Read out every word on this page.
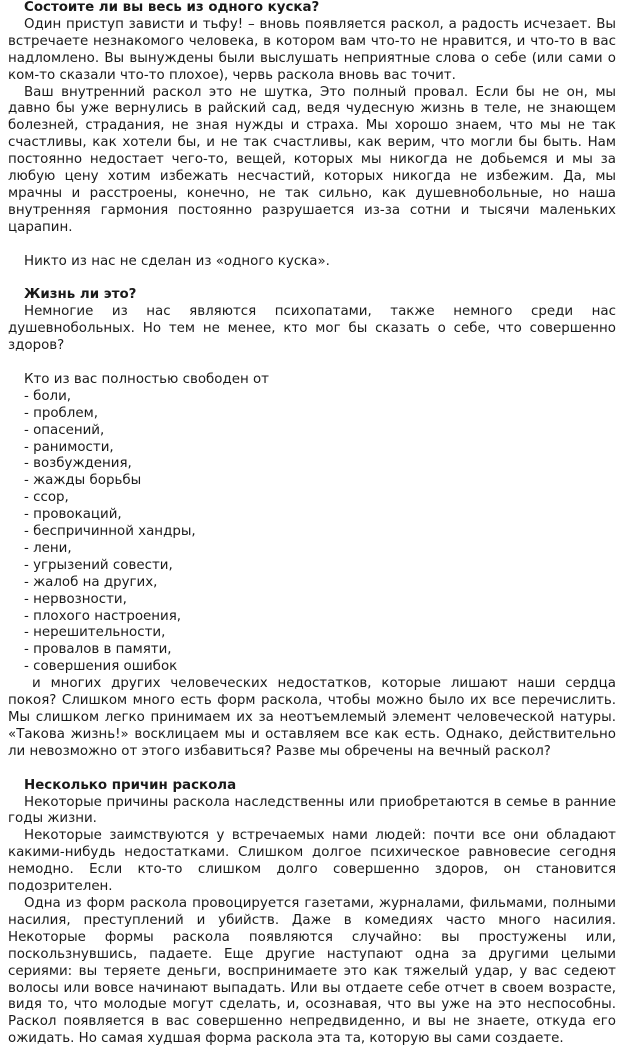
Состоите ли вы весь из одного куска?

Один приступ зависти и тьфу! – вновь появляется раскол, а радость исчезает. Вы встречаете незнакомого человека, в котором вам что-то не нравится, и что-то в вас надломлено. Вы вынуждены были выслушать неприятные слова о себе (или сами о ком-то сказали что-то плохое), червь раскола вновь вас точит.

Ваш внутренний раскол это не шутка, Это полный провал. Если бы не он, мы давно бы уже вернулись в райский сад, ведя чудесную жизнь в теле, не знающем болезней, страдания, не зная нужды и страха. Мы хорошо знаем, что мы не так счастливы, как хотели бы, и не так счастливы, как верим, что могли бы быть. Нам постоянно недостает чего-то, вещей, которых мы никогда не добьемся и мы за любую цену хотим избежать несчастий, которых никогда не избежим. Да, мы мрачны и расстроены, конечно, не так сильно, как душевнобольные, но наша внутренняя гармония постоянно разрушается из-за сотни и тысячи маленьких царапин.

Никто из нас не сделан из «одного куска».

Жизнь ли это?

Немногие из нас являются психопатами, также немного среди нас душевнобольных. Но тем не менее, кто мог бы сказать о себе, что совершенно здоров?

Кто из вас полностью свободен от
- боли,
- проблем,
- опасений,
- ранимости,
- возбуждения,
- жажды борьбы
- ссор,
- провокаций,
- беспричинной хандры,
- лени,
- угрызений совести,
- жалоб на других,
- нервозности,
- плохого настроения,
- нерешительности,
- провалов в памяти,
- совершения ошибок

и многих других человеческих недостатков, которые лишают наши сердца покоя? Слишком много есть форм раскола, чтобы можно было их все перечислить. Мы слишком легко принимаем их за неотъемлемый элемент человеческой натуры. «Такова жизнь!» восклицаем мы и оставляем все как есть. Однако, действительно ли невозможно от этого избавиться? Разве мы обречены на вечный раскол?

Несколько причин раскола

Некоторые причины раскола наследственны или приобретаются в семье в ранние годы жизни.

Некоторые заимствуются у встречаемых нами людей: почти все они обладают какими-нибудь недостатками. Слишком долгое психическое равновесие сегодня немодно. Если кто-то слишком долго совершенно здоров, он становится подозрителен.

Одна из форм раскола провоцируется газетами, журналами, фильмами, полными насилия, преступлений и убийств. Даже в комедиях часто много насилия. Некоторые формы раскола появляются случайно: вы простужены или, поскользнувшись, падаете. Еще другие наступают одна за другими целыми сериями: вы теряете деньги, воспринимаете это как тяжелый удар, у вас седеют волосы или вовсе начинают выпадать. Или вы отдаете себе отчет в своем возрасте, видя то, что молодые могут сделать, и, осознавая, что вы уже на это неспособны. Раскол появляется в вас совершенно непредвиденно, и вы не знаете, откуда его ожидать. Но самая худшая форма раскола эта та, которую вы сами создаете.
